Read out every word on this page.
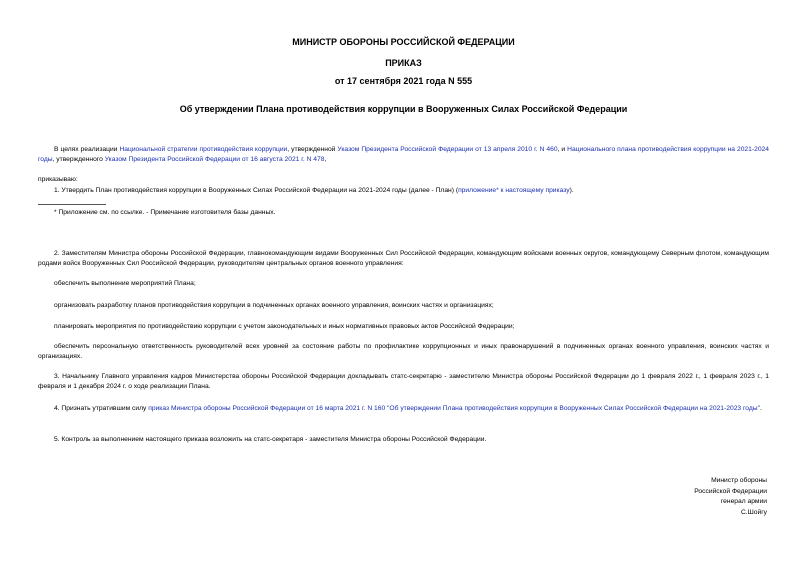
МИНИСТР ОБОРОНЫ РОССИЙСКОЙ ФЕДЕРАЦИИ
ПРИКАЗ
от 17 сентября 2021 года N 555
Об утверждении Плана противодействия коррупции в Вооруженных Силах Российской Федерации

В целях реализации Национальной стратегии противодействия коррупции, утвержденной Указом Президента Российской Федерации от 13 апреля 2010 г. N 460, и Национального плана противодействия коррупции на 2021-2024 годы, утвержденного Указом Президента Российской Федерации от 16 августа 2021 г. N 478,

приказываю:

1. Утвердить План противодействия коррупции в Вооруженных Силах Российской Федерации на 2021-2024 годы (далее - План) (приложение* к настоящему приказу).

* Приложение см. по ссылке. - Примечание изготовителя базы данных.

2. Заместителям Министра обороны Российской Федерации, главнокомандующим видами Вооруженных Сил Российской Федерации, командующим войсками военных округов, командующему Северным флотом, командующим родами войск Вооруженных Сил Российской Федерации, руководителям центральных органов военного управления:

обеспечить выполнение мероприятий Плана;

организовать разработку планов противодействия коррупции в подчиненных органах военного управления, воинских частях и организациях;

планировать мероприятия по противодействию коррупции с учетом законодательных и иных нормативных правовых актов Российской Федерации;

обеспечить персональную ответственность руководителей всех уровней за состояние работы по профилактике коррупционных и иных правонарушений в подчиненных органах военного управления, воинских частях и организациях.

3. Начальнику Главного управления кадров Министерства обороны Российской Федерации докладывать статс-секретарю - заместителю Министра обороны Российской Федерации до 1 февраля 2022 г., 1 февраля 2023 г., 1 февраля и 1 декабря 2024 г. о ходе реализации Плана.

4. Признать утратившим силу приказ Министра обороны Российской Федерации от 16 марта 2021 г. N 160 "Об утверждении Плана противодействия коррупции в Вооруженных Силах Российской Федерации на 2021-2023 годы".

5. Контроль за выполнением настоящего приказа возложить на статс-секретаря - заместителя Министра обороны Российской Федерации.

Министр обороны
Российской Федерации
генерал армии
С.Шойгу
